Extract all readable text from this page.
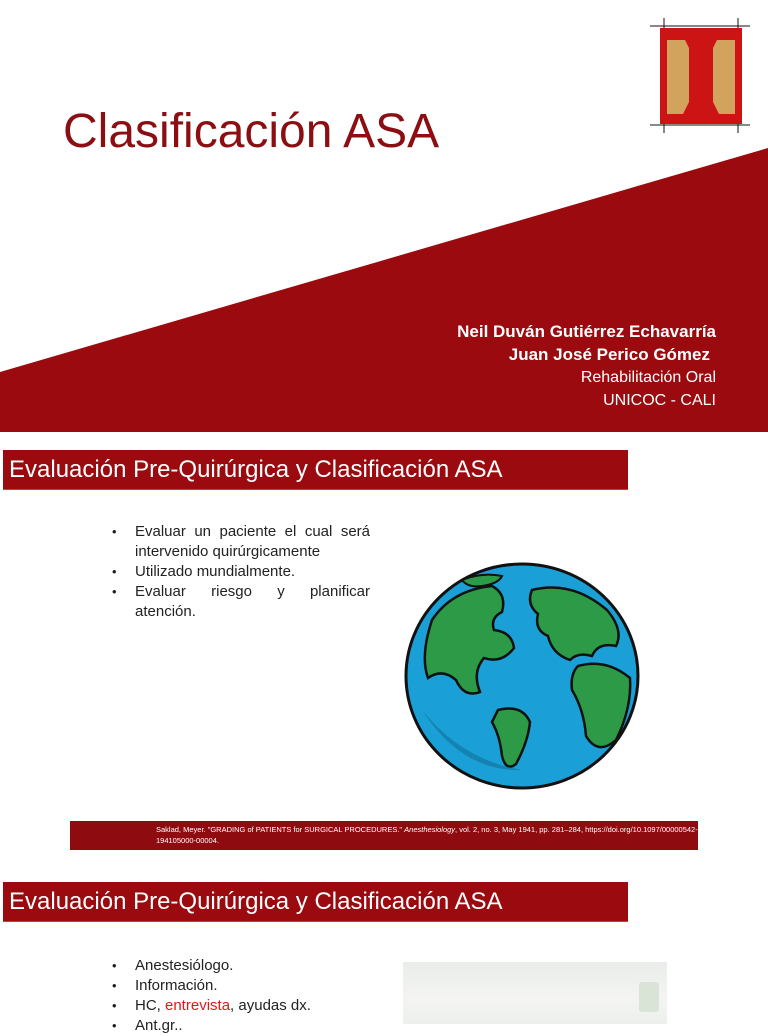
Clasificación ASA
Neil Duván Gutiérrez Echavarría
Juan José Perico Gómez
Rehabilitación Oral
UNICOC - CALI
Evaluación Pre-Quirúrgica y Clasificación ASA
• Evaluar un paciente el cual será intervenido quirúrgicamente
• Utilizado mundialmente.
• Evaluar riesgo y planificar atención.
Saklad, Meyer. "GRADING of PATIENTS for SURGICAL PROCEDURES." Anesthesiology, vol. 2, no. 3, May 1941, pp. 281–284, https://doi.org/10.1097/00000542-194105000-00004.
Evaluación Pre-Quirúrgica y Clasificación ASA
• Anestesiólogo.
• Información.
• HC, entrevista, ayudas dx.
• Ant.gr..
